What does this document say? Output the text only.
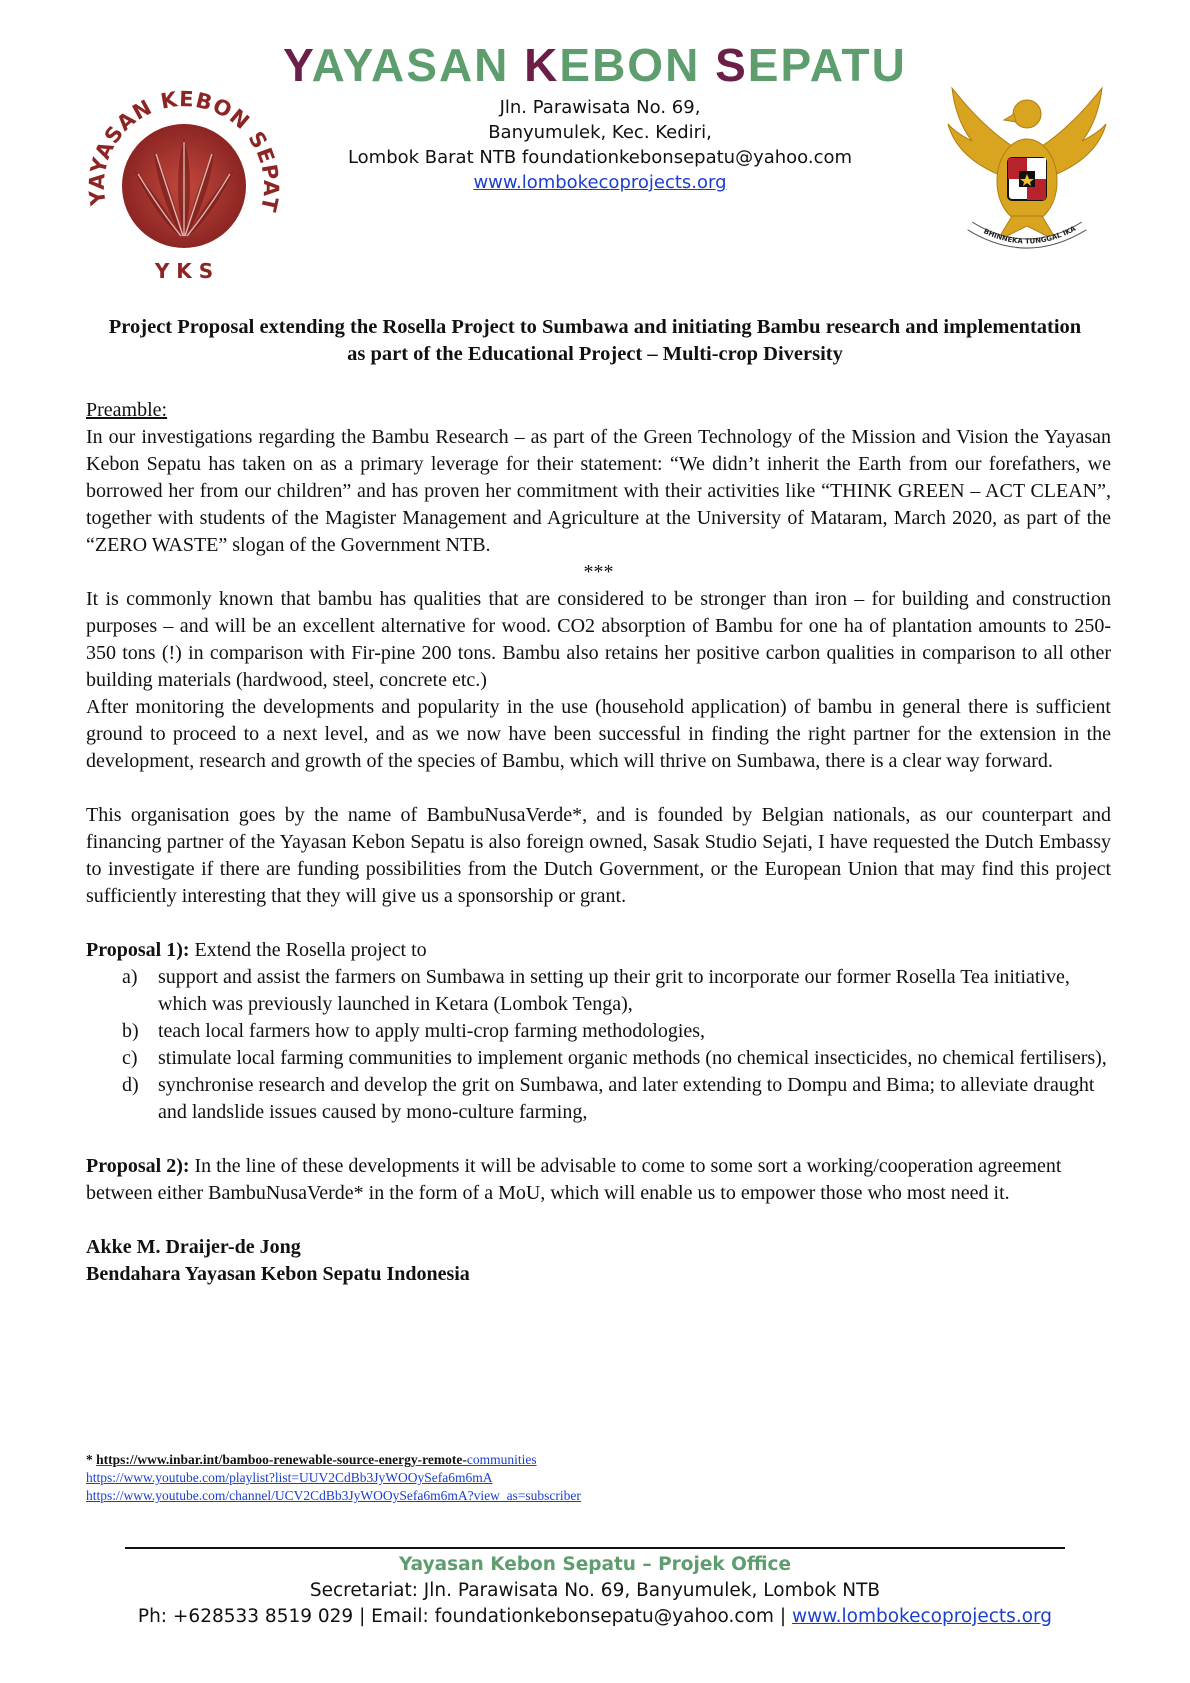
YAYASAN KEBON SEPATU
YAYASAN KEBON SEPAT
Y K S
Jln. Parawisata No. 69,
Banyumulek, Kec. Kediri,
Lombok Barat NTB foundationkebonsepatu@yahoo.com
www.lombokecoprojects.org
BHINNEKA TUNGGAL IKA
Project Proposal extending the Rosella Project to Sumbawa and initiating Bambu research and implementation as part of the Educational Project – Multi-crop Diversity

Preamble:

In our investigations regarding the Bambu Research – as part of the Green Technology of the Mission and Vision the Yayasan Kebon Sepatu has taken on as a primary leverage for their statement: “We didn’t inherit the Earth from our forefathers, we borrowed her from our children” and has proven her commitment with their activities like “THINK GREEN – ACT CLEAN”, together with students of the Magister Management and Agriculture at the University of Mataram, March 2020, as part of the “ZERO WASTE” slogan of the Government NTB.

***

It is commonly known that bambu has qualities that are considered to be stronger than iron – for building and construction purposes – and will be an excellent alternative for wood. CO2 absorption of Bambu for one ha of plantation amounts to 250-350 tons (!) in comparison with Fir-pine 200 tons. Bambu also retains her positive carbon qualities in comparison to all other building materials (hardwood, steel, concrete etc.)

After monitoring the developments and popularity in the use (household application) of bambu in general there is sufficient ground to proceed to a next level, and as we now have been successful in finding the right partner for the extension in the development, research and growth of the species of Bambu, which will thrive on Sumbawa, there is a clear way forward.

This organisation goes by the name of BambuNusaVerde*, and is founded by Belgian nationals, as our counterpart and financing partner of the Yayasan Kebon Sepatu is also foreign owned, Sasak Studio Sejati, I have requested the Dutch Embassy to investigate if there are funding possibilities from the Dutch Government, or the European Union that may find this project sufficiently interesting that they will give us a sponsorship or grant.

Proposal 1): Extend the Rosella project to

a) support and assist the farmers on Sumbawa in setting up their grit to incorporate our former Rosella Tea initiative, which was previously launched in Ketara (Lombok Tenga),
b) teach local farmers how to apply multi-crop farming methodologies,
c) stimulate local farming communities to implement organic methods (no chemical insecticides, no chemical fertilisers),
d) synchronise research and develop the grit on Sumbawa, and later extending to Dompu and Bima; to alleviate draught and landslide issues caused by mono-culture farming,

Proposal 2): In the line of these developments it will be advisable to come to some sort a working/cooperation agreement between either BambuNusaVerde* in the form of a MoU, which will enable us to empower those who most need it.

Akke M. Draijer-de Jong

Bendahara Yayasan Kebon Sepatu Indonesia

* https://www.inbar.int/bamboo-renewable-source-energy-remote-communities
https://www.youtube.com/playlist?list=UUV2CdBb3JyWOOySefa6m6mA
https://www.youtube.com/channel/UCV2CdBb3JyWOOySefa6m6mA?view_as=subscriber
Yayasan Kebon Sepatu – Projek Office
Secretariat: Jln. Parawisata No. 69, Banyumulek, Lombok NTB
Ph: +628533 8519 029 | Email: foundationkebonsepatu@yahoo.com | www.lombokecoprojects.org
